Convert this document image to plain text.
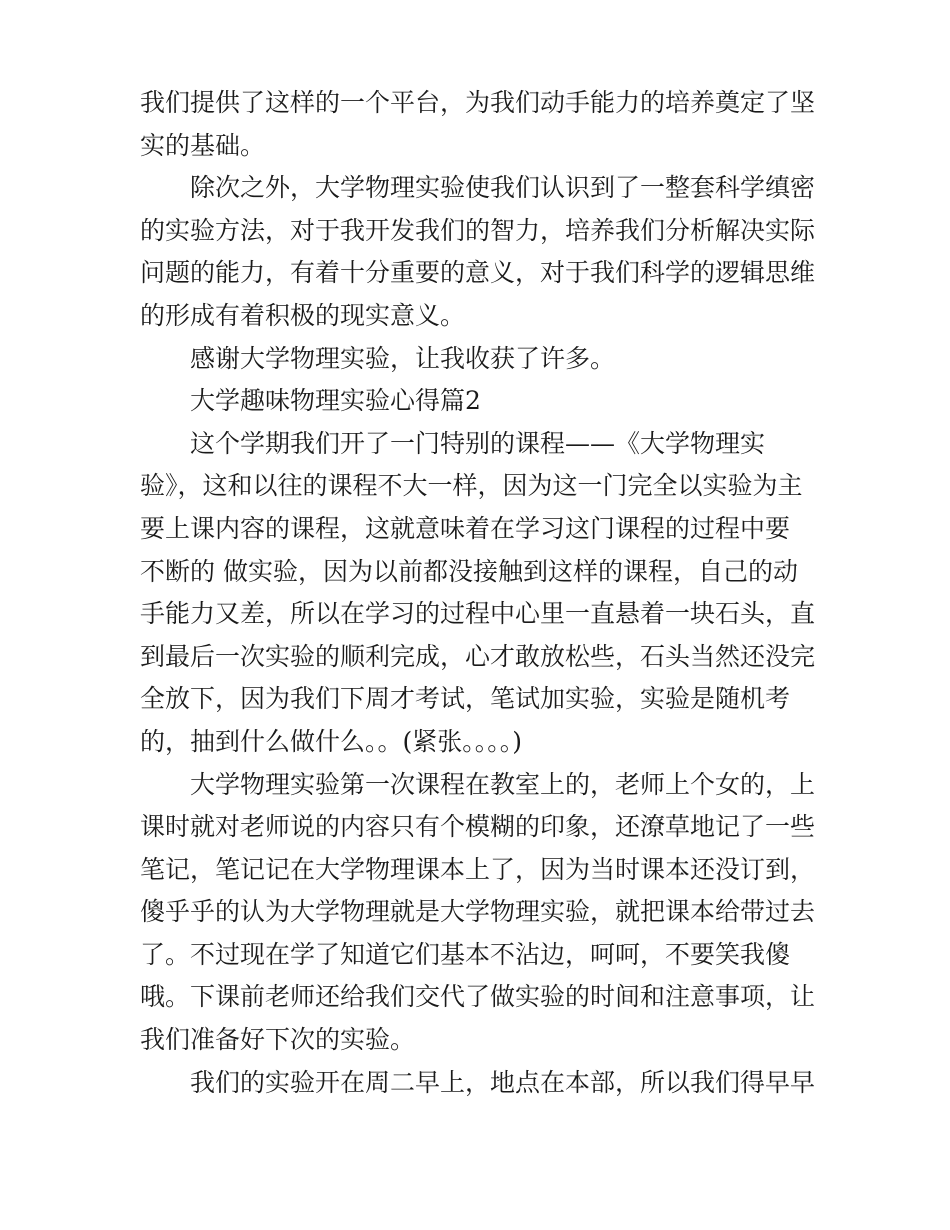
我们提供了这样的一个平台，为我们动手能力的培养奠定了坚
实的基础。
除次之外，大学物理实验使我们认识到了一整套科学缜密
的实验方法，对于我开发我们的智力，培养我们分析解决实际
问题的能力，有着十分重要的意义，对于我们科学的逻辑思维
的形成有着积极的现实意义。
感谢大学物理实验，让我收获了许多。
大学趣味物理实验心得篇2
这个学期我们开了一门特别的课程——《大学物理实
验》，这和以往的课程不大一样，因为这一门完全以实验为主
要上课内容的课程，这就意味着在学习这门课程的过程中要
不断的 做实验，因为以前都没接触到这样的课程，自己的动
手能力又差，所以在学习的过程中心里一直悬着一块石头，直
到最后一次实验的顺利完成，心才敢放松些，石头当然还没完
全放下，因为我们下周才考试，笔试加实验，实验是随机考
的，抽到什么做什么。。(紧张。。。。)
大学物理实验第一次课程在教室上的，老师上个女的，上
课时就对老师说的内容只有个模糊的印象，还潦草地记了一些
笔记，笔记记在大学物理课本上了，因为当时课本还没订到，
傻乎乎的认为大学物理就是大学物理实验，就把课本给带过去
了。不过现在学了知道它们基本不沾边，呵呵，不要笑我傻
哦。下课前老师还给我们交代了做实验的时间和注意事项，让
我们准备好下次的实验。
我们的实验开在周二早上，地点在本部，所以我们得早早
